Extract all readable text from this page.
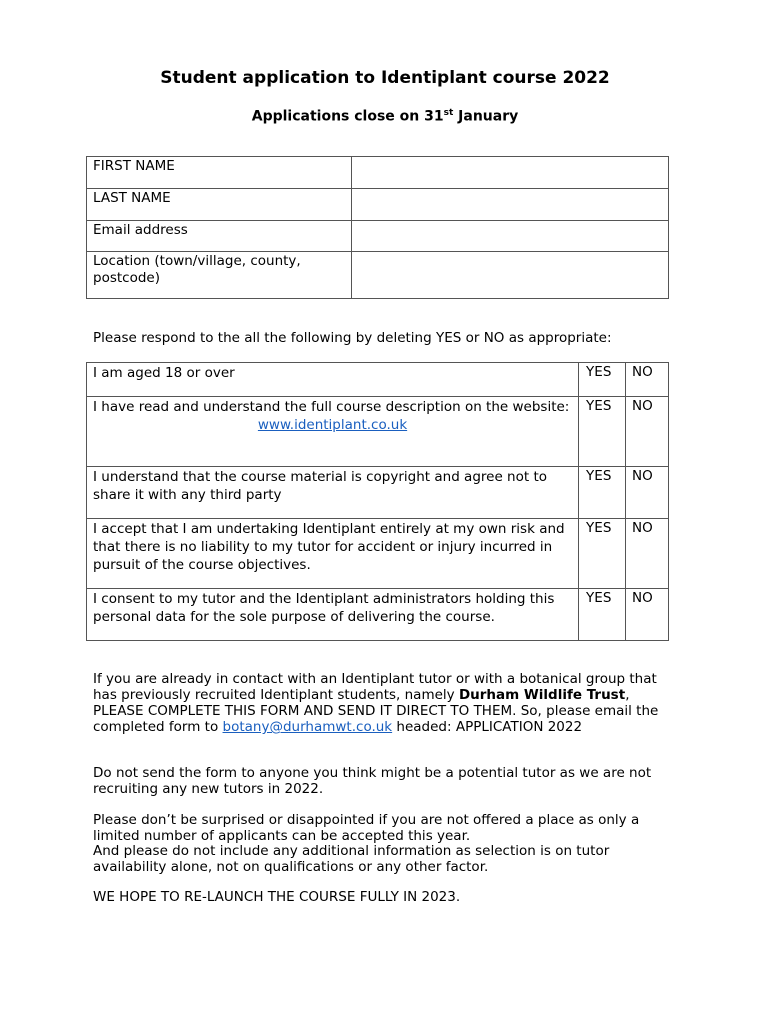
Student application to Identiplant course 2022
Applications close on 31st January
FIRST NAME	
LAST NAME	
Email address	
Location (town/village, county, postcode)	
Please respond to the all the following by deleting YES or NO as appropriate:
I am aged 18 or over	YES	NO
I have read and understand the full course description on the website:
www.identiplant.co.uk	YES	NO
I understand that the course material is copyright and agree not to share it with any third party	YES	NO
I accept that I am undertaking Identiplant entirely at my own risk and that there is no liability to my tutor for accident or injury incurred in pursuit of the course objectives.	YES	NO
I consent to my tutor and the Identiplant administrators holding this personal data for the sole purpose of delivering the course.	YES	NO
If you are already in contact with an Identiplant tutor or with a botanical group that has previously recruited Identiplant students, namely Durham Wildlife Trust, PLEASE COMPLETE THIS FORM AND SEND IT DIRECT TO THEM. So, please email the completed form to botany@durhamwt.co.uk headed: APPLICATION 2022
Do not send the form to anyone you think might be a potential tutor as we are not recruiting any new tutors in 2022.
Please don’t be surprised or disappointed if you are not offered a place as only a limited number of applicants can be accepted this year.
And please do not include any additional information as selection is on tutor availability alone, not on qualifications or any other factor.
WE HOPE TO RE-LAUNCH THE COURSE FULLY IN 2023.
